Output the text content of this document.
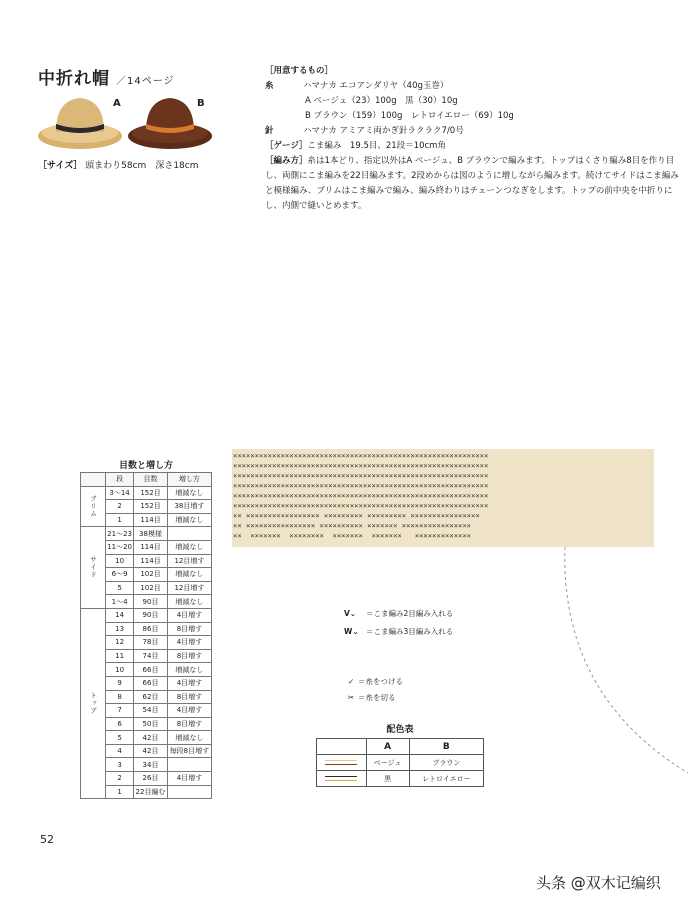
中折れ帽 ／14ページ
A	B
［サイズ］ 頭まわり58cm　深さ18cm
［用意するもの］
糸	ハマナカ エコアンダリヤ（40g玉巻）
A ベージュ（23）100g　黒（30）10g
B ブラウン（159）100g　レトロイエロー（69）10g
針	ハマナカ アミアミ両かぎ針ラクラク7/0号
［ゲージ］こま編み　19.5目、21段＝10cm角
［編み方］糸は1本どり、指定以外はA ベージュ、B ブラウンで編みます。トップはくさり編み8目を作り目し、両側にこま編みを22目編みます。2段めからは図のように増しながら編みます。続けてサイドはこま編みと模様編み、ブリムはこま編みで編み、編み終わりはチェーンつなぎをします。トップの前中央を中折りにし、内側で縫いとめます。
×××××××××××××××××××××××××××××××××××××××××××××××××××××××××××
×××××××××××××××××××××××××××××××××××××××××××××××××××××××××××
×××××××××××××××××××××××××××××××××××××××××××××××××××××××××××
×××××××××××××××××××××××××××××××××××××××××××××××××××××××××××
×××××××××××××××××××××××××××××××××××××××××××××××××××××××××××
×××××××××××××××××××××××××××××××××××××××××××××××××××××××××××
×× ××××××××××××××××× ××××××××× ××××××××× ××××××××××××××××
×× ×××××××××××××××× ×××××××××× ××××××× ××××××××××××××××
××  ×××××××  ××××××××  ×××××××  ×××××××   ×××××××××××××
目数と増し方
	段	目数	増し方
ブリム	3〜14	152目	増減なし
	2	152目	38目増す
	1	114目	増減なし
サイド	21〜23	38模様	
	11〜20	114目	増減なし
	10	114目	12目増す
	6〜9	102目	増減なし
	5	102目	12目増す
	1〜4	90目	増減なし
トップ	14	90目	4目増す
	13	86目	8目増す
	12	78目	4目増す
	11	74目	8目増す
	10	66目	増減なし
	9	66目	4目増す
	8	62目	8目増す
	7	54目	4目増す
	6	50目	8目増す
	5	42目	増減なし
	4	42目	毎段8目増す
	3	34目	
	2	26目	4目増す
	1	22目編む	
V⌄ ＝こま編み2目編み入れる
W⌄ ＝こま編み3目編み入れる
✓ ＝糸をつける
✂ ＝糸を切る
配色表
	A	B
	ベージュ	ブラウン
	黒	レトロイエロー
52
头条 @双木记编织
